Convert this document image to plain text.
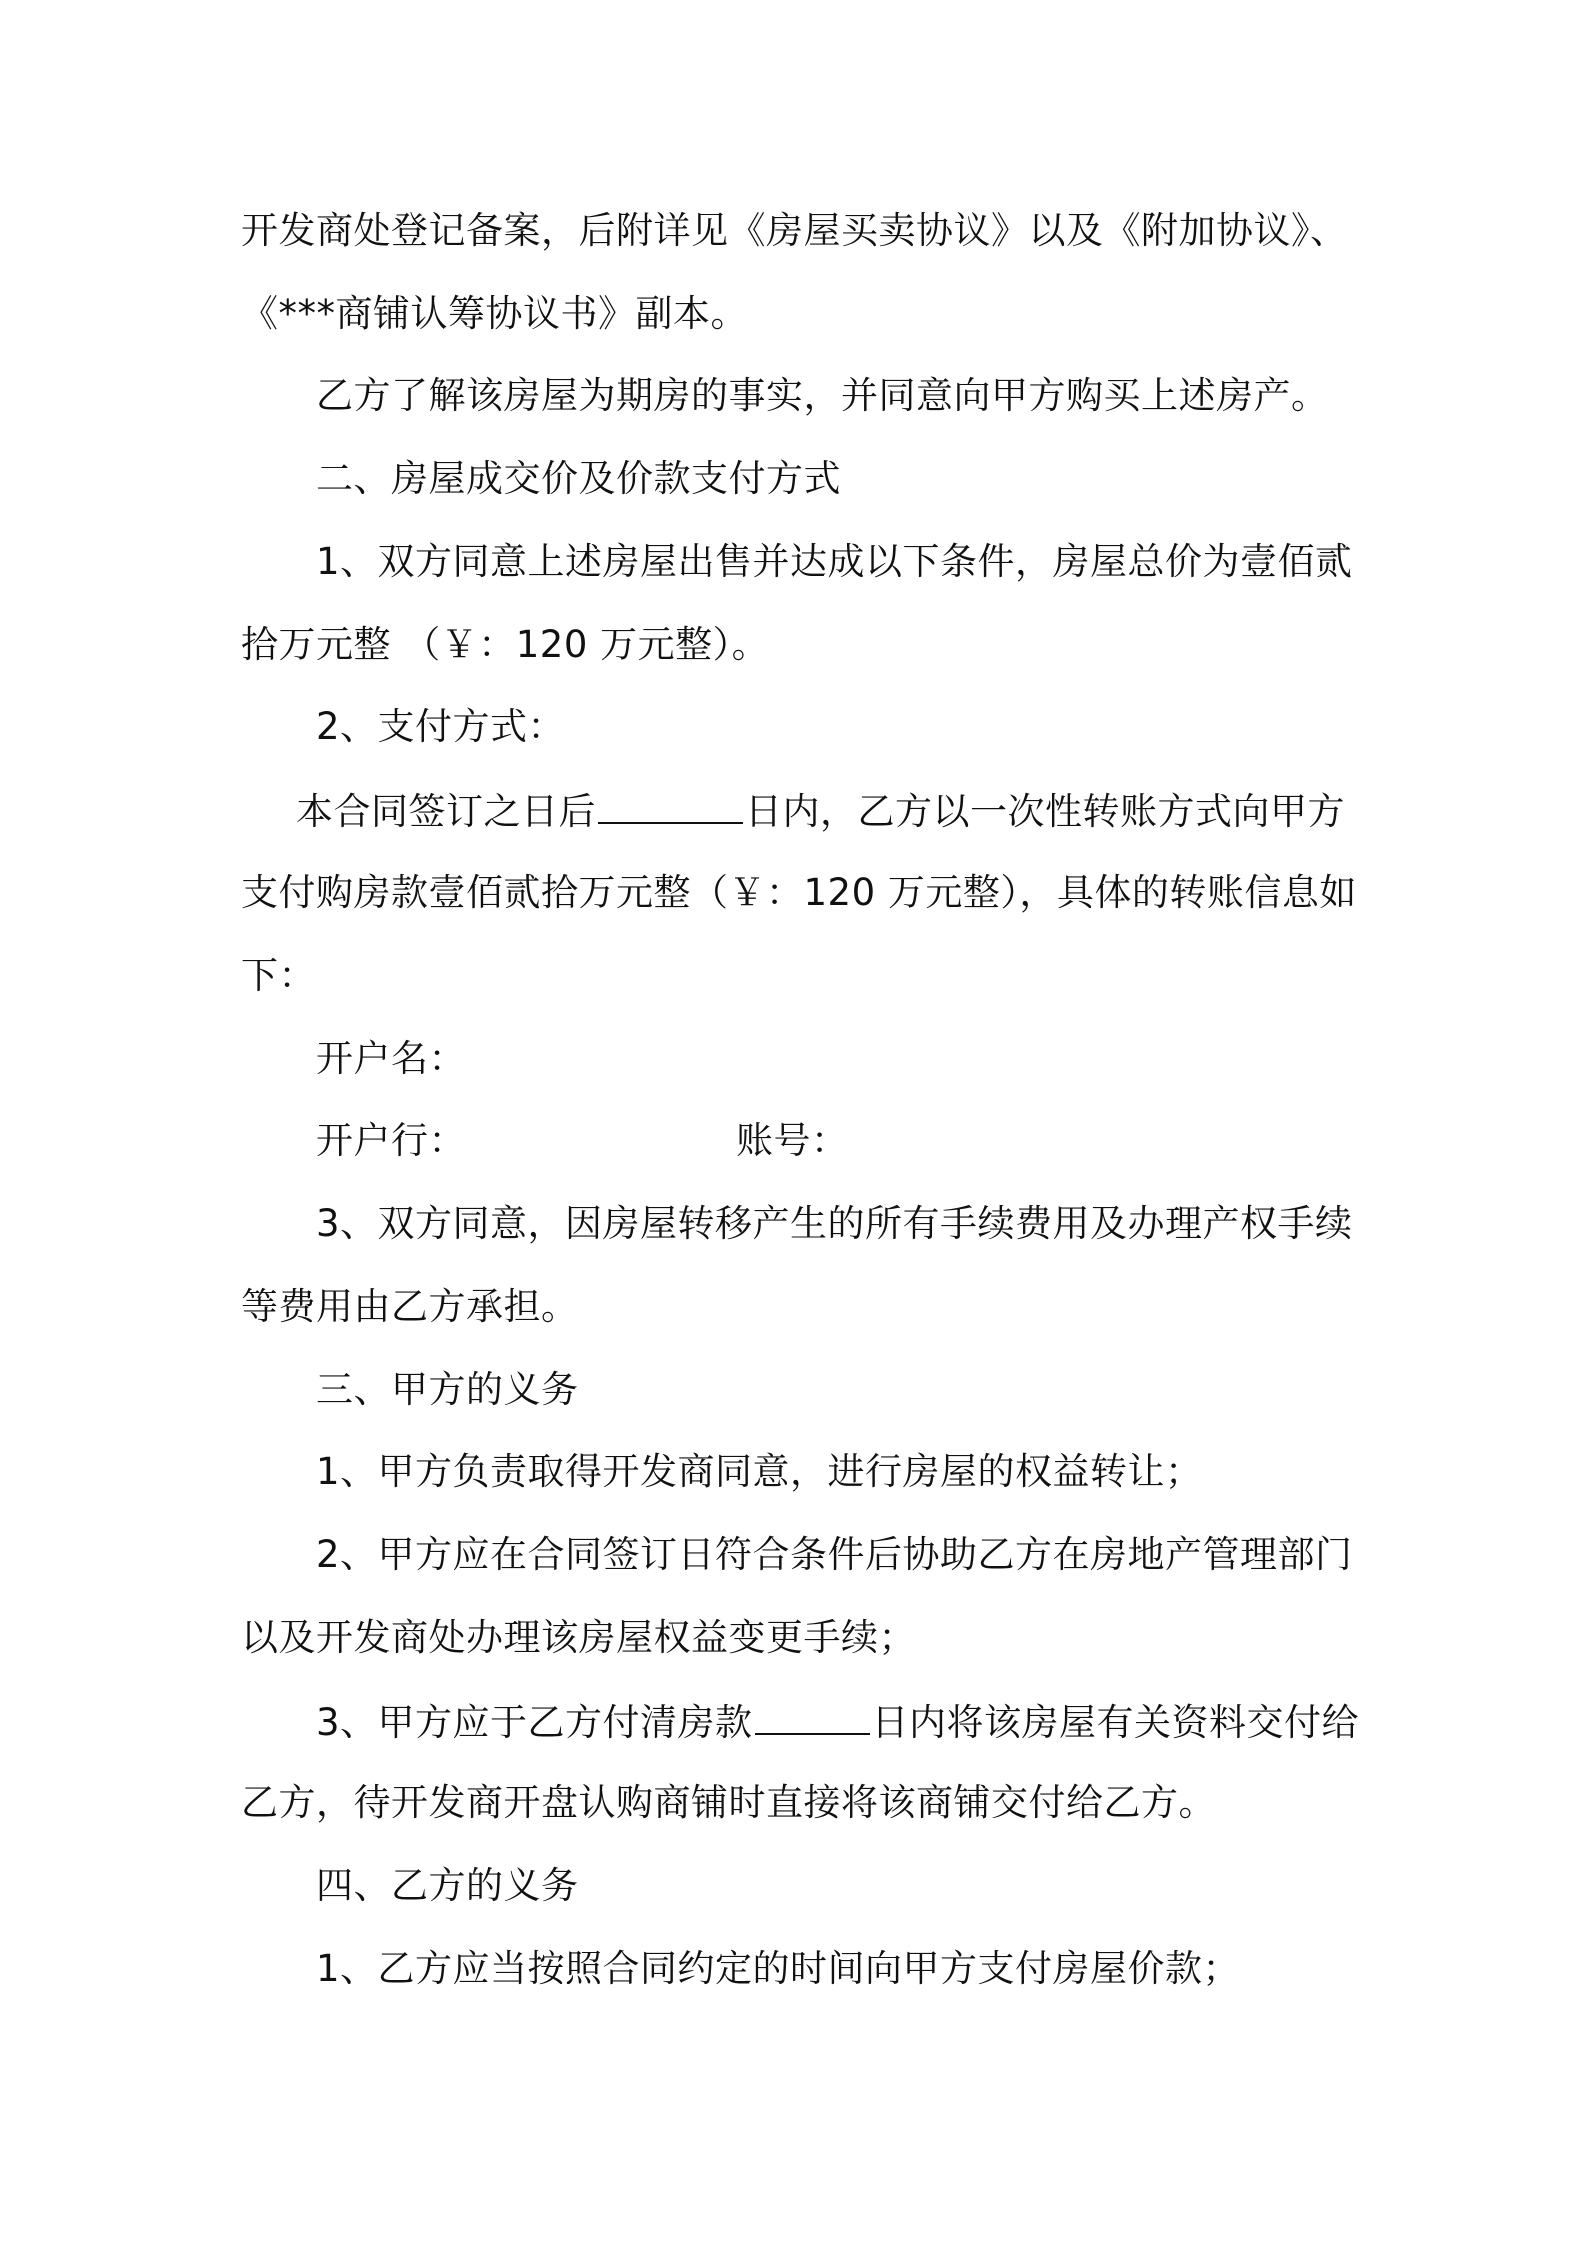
开发商处登记备案，后附详见《房屋买卖协议》以及《附加协议》、
《***商铺认筹协议书》副本。
乙方了解该房屋为期房的事实，并同意向甲方购买上述房产。
二、房屋成交价及价款支付方式
1、双方同意上述房屋出售并达成以下条件，房屋总价为壹佰贰
拾万元整 （￥：120 万元整）。
2、支付方式：
本合同签订之日后	日内，乙方以一次性转账方式向甲方
支付购房款壹佰贰拾万元整（￥：120 万元整），具体的转账信息如
下：
开户名：
开户行：	账号：
3、双方同意，因房屋转移产生的所有手续费用及办理产权手续
等费用由乙方承担。
三、甲方的义务
1、甲方负责取得开发商同意，进行房屋的权益转让；
2、甲方应在合同签订日符合条件后协助乙方在房地产管理部门
以及开发商处办理该房屋权益变更手续；
3、甲方应于乙方付清房款	日内将该房屋有关资料交付给
乙方，待开发商开盘认购商铺时直接将该商铺交付给乙方。
四、乙方的义务
1、乙方应当按照合同约定的时间向甲方支付房屋价款；
